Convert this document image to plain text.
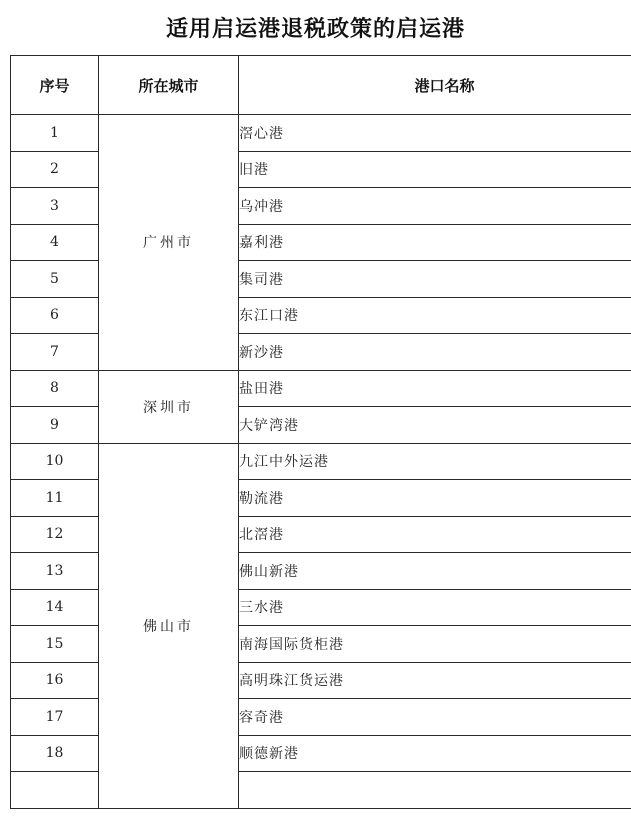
适用启运港退税政策的启运港
序号	所在城市	港口名称
1	广州市	滘心港
2		旧港
3		乌冲港
4		嘉利港
5		集司港
6		东江口港
7		新沙港
8	深圳市	盐田港
9		大铲湾港
10	佛山市	九江中外运港
11		勒流港
12		北滘港
13		佛山新港
14		三水港
15		南海国际货柜港
16		高明珠江货运港
17		容奇港
18		顺德新港
